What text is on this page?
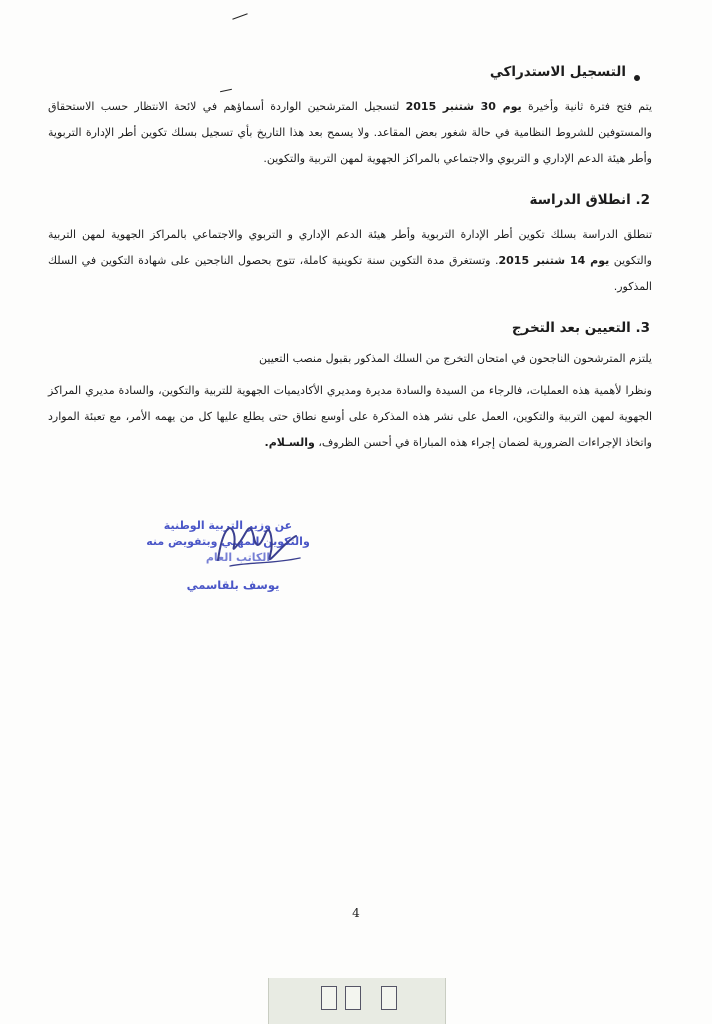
التسجيل الاستدراكي

يتم فتح فترة ثانية وأخيرة يوم 30 شتنبر 2015 لتسجيل المترشحين الواردة أسماؤهم في لائحة الانتظار حسب الاستحقاق والمستوفين للشروط النظامية في حالة شغور بعض المقاعد. ولا يسمح بعد هذا التاريخ بأي تسجيل بسلك تكوين أطر الإدارة التربوية وأطر هيئة الدعم الإداري و التربوي والاجتماعي بالمراكز الجهوية لمهن التربية والتكوين.

2. انطلاق الدراسة

تنطلق الدراسة بسلك تكوين أطر الإدارة التربوية وأطر هيئة الدعم الإداري و التربوي والاجتماعي بالمراكز الجهوية لمهن التربية والتكوين يوم 14 شتنبر 2015. وتستغرق مدة التكوين سنة تكوينية كاملة، تتوج بحصول الناجحين على شهادة التكوين في السلك المذكور.

3. التعيين بعد التخرج

يلتزم المترشحون الناجحون في امتحان التخرج من السلك المذكور بقبول منصب التعيين

ونظرا لأهمية هذه العمليات، فالرجاء من السيدة والسادة مديرة ومديري الأكاديميات الجهوية للتربية والتكوين، والسادة مديري المراكز الجهوية لمهن التربية والتكوين، العمل على نشر هذه المذكرة على أوسع نطاق حتى يطلع عليها كل من يهمه الأمر، مع تعبئة الموارد واتخاذ الإجراءات الضرورية لضمان إجراء هذه المباراة في أحسن الظروف، والسـلام.

عن وزير التربية الوطنية
والتكوين المهني وبتفويض منه
الكاتب العام
يوسف بلقاسمي
4
